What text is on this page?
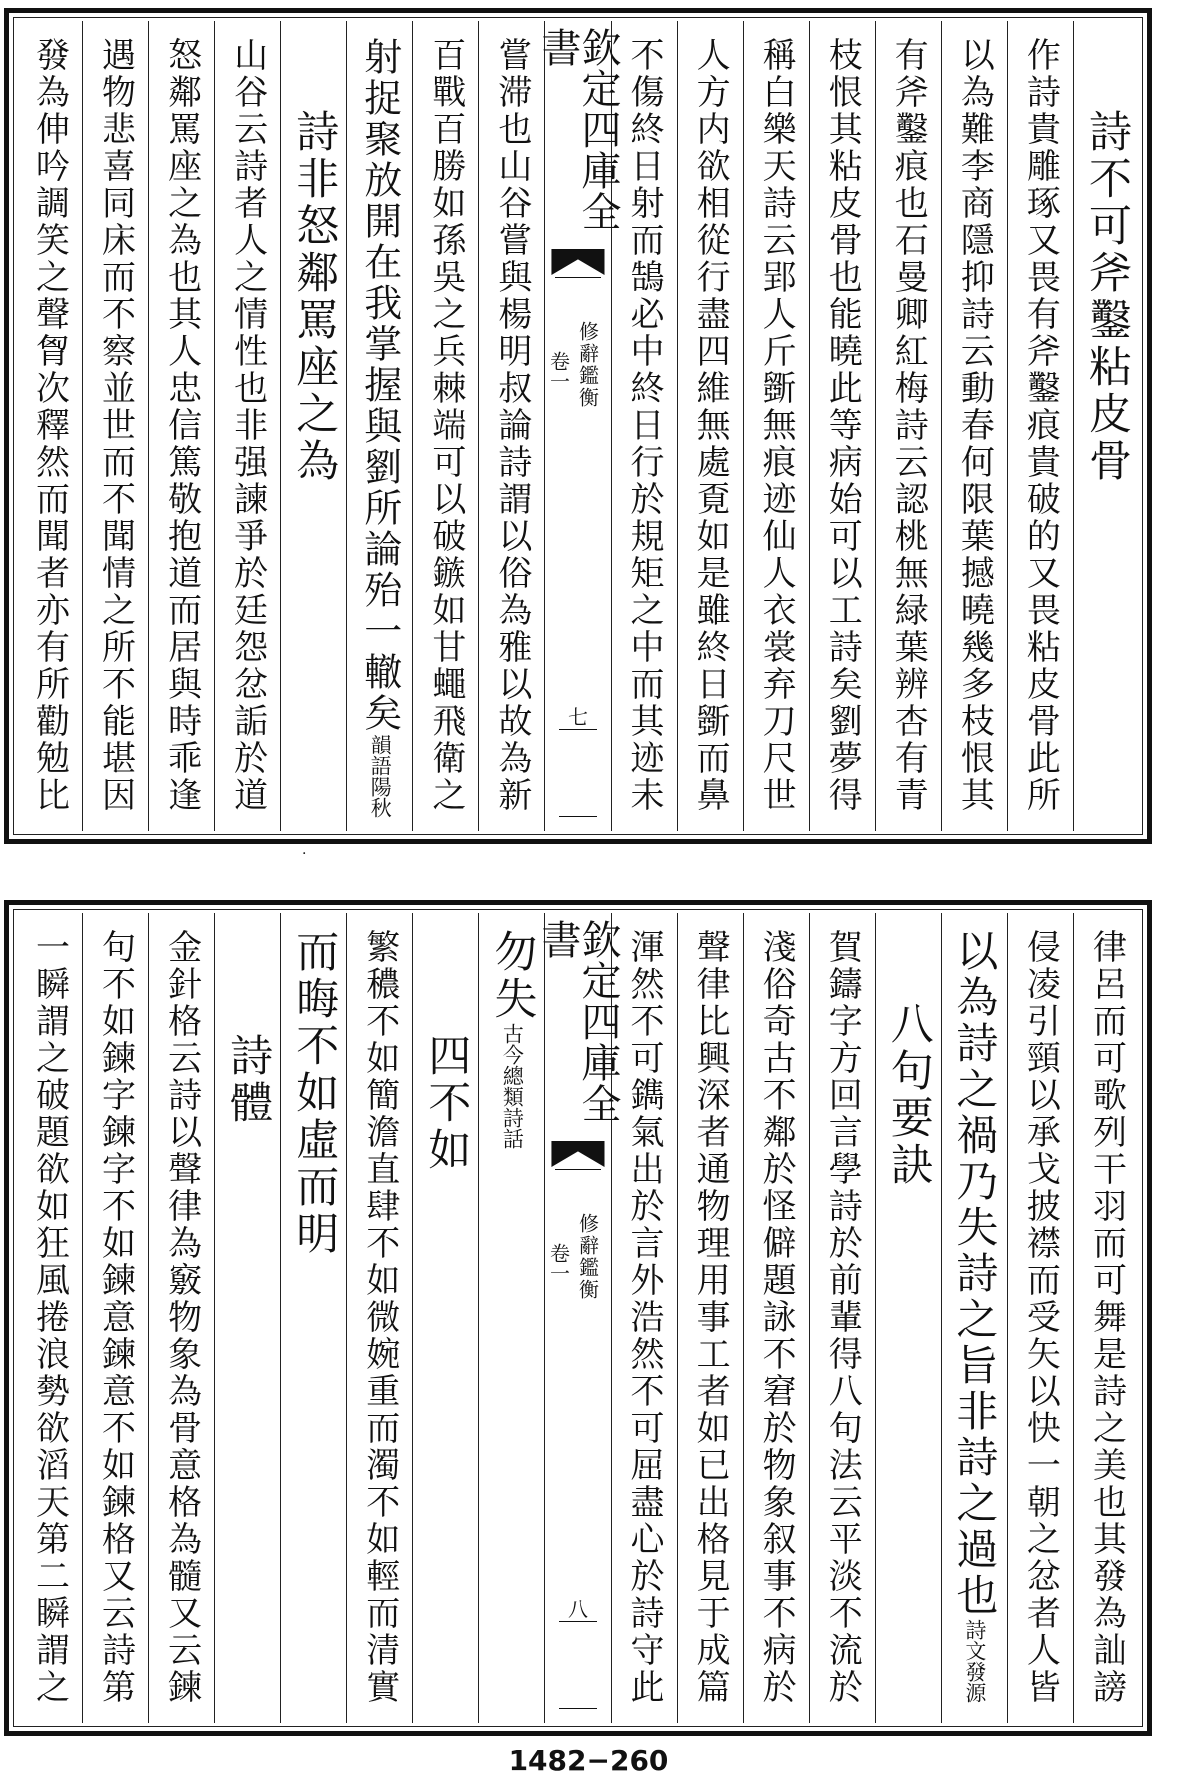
詩不可斧鑿粘皮骨
作詩貴雕琢又畏有斧鑿痕貴破的又畏粘皮骨此所
以為難李商隱抑詩云動春何限葉撼曉幾多枝恨其
有斧鑿痕也石曼卿紅梅詩云認桃無緑葉辨杏有青
枝恨其粘皮骨也能曉此等病始可以工詩矣劉夢得
稱白樂天詩云郢人斤斵無痕迹仙人衣裳弃刀尺世
人方内欲相從行盡四維無處覔如是雖終日斵而鼻
不傷終日射而鵠必中終日行於規矩之中而其迹未
欽定四庫全書
修辭鑑衡
卷一
七
嘗滞也山谷嘗與楊明叔論詩謂以俗為雅以故為新
百戰百勝如孫吳之兵棘端可以破鏃如甘蠅飛衛之
射捉聚放開在我掌握與劉所論殆一轍矣
韻語陽秋
詩非怒鄰罵座之為
山谷云詩者人之情性也非强諫爭於廷怨忿詬於道
怒鄰罵座之為也其人忠信篤敬抱道而居與時乖逢
遇物悲喜同床而不察並世而不聞情之所不能堪因
發為伸吟調笑之聲胷次釋然而聞者亦有所勸勉比
·
律呂而可歌列干羽而可舞是詩之美也其發為訕謗
侵凌引頸以承戈披襟而受矢以快一朝之忿者人皆
以為詩之禍乃失詩之旨非詩之過也
詩文發源
八句要訣
賀鑄字方回言學詩於前輩得八句法云平淡不流於
淺俗奇古不鄰於怪僻題詠不窘於物象叙事不病於
聲律比興深者通物理用事工者如已出格見于成篇
渾然不可鐫氣出於言外浩然不可屈盡心於詩守此
欽定四庫全書
修辭鑑衡
卷一
八
勿失
古今總類詩話
四不如
繁穠不如簡澹直肆不如微婉重而濁不如輕而清實
而晦不如虛而明
詩體
金針格云詩以聲律為竅物象為骨意格為髓又云鍊
句不如鍊字鍊字不如鍊意鍊意不如鍊格又云詩第
一瞬謂之破題欲如狂風捲浪勢欲滔天第二瞬謂之
1482−260
